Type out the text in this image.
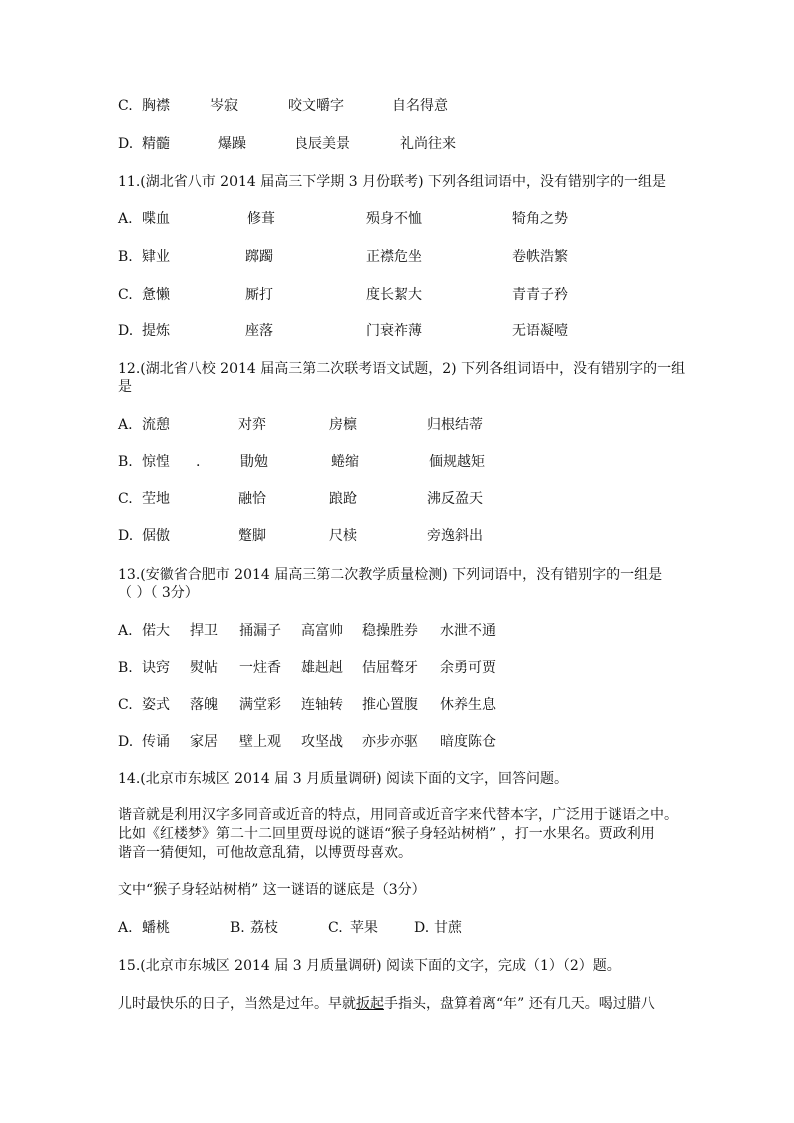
C. 胸襟	岑寂	咬文嚼字	自名得意
D. 精髓	爆躁	良辰美景	礼尚往来
11.(湖北省八市 2014 届高三下学期 3 月份联考) 下列各组词语中，没有错别字的一组是
A. 喋血	修葺	殒身不恤	犄角之势
B. 肄业	踯躅	正襟危坐	卷帙浩繁
C. 惫懒	厮打	度长絜大	青青子矜
D. 提炼	座落	门衰祚薄	无语凝噎
12.(湖北省八校 2014 届高三第二次联考语文试题，2) 下列各组词语中，没有错别字的一组
是
A. 流憩	对弈	房檩	归根结蒂
B. 惊惶 .	勖勉	蜷缩	偭规越矩
C. 茔地	融恰	踉跄	沸反盈天
D. 倨傲	蹩脚	尺椟	旁逸斜出
13.(安徽省合肥市 2014 届高三第二次教学质量检测) 下列词语中，没有错别字的一组是
（ ）（ 3分）
A. 偌大 捍卫 捅漏子 高富帅 稳操胜券 水泄不通
B. 诀窍 熨帖 一炷香 雄赳赳 佶屈聱牙 余勇可贾
C. 姿式 落魄 满堂彩 连轴转 推心置腹 休养生息
D. 传诵 家居 壁上观 攻坚战 亦步亦驱 暗度陈仓
14.(北京市东城区 2014 届 3 月质量调研) 阅读下面的文字，回答问题。
谐音就是利用汉字多同音或近音的特点，用同音或近音字来代替本字，广泛用于谜语之中。
比如《红楼梦》第二十二回里贾母说的谜语“猴子身轻站树梢” ，打一水果名。贾政利用
谐音一猜便知，可他故意乱猜，以博贾母喜欢。
文中“猴子身轻站树梢” 这一谜语的谜底是（3分）
A. 蟠桃	B. 荔枝	C. 苹果	D. 甘蔗
15.(北京市东城区 2014 届 3 月质量调研) 阅读下面的文字，完成（1）（2）题。
儿时最快乐的日子，当然是过年。早就扳起手指头，盘算着离“年” 还有几天。喝过腊八
